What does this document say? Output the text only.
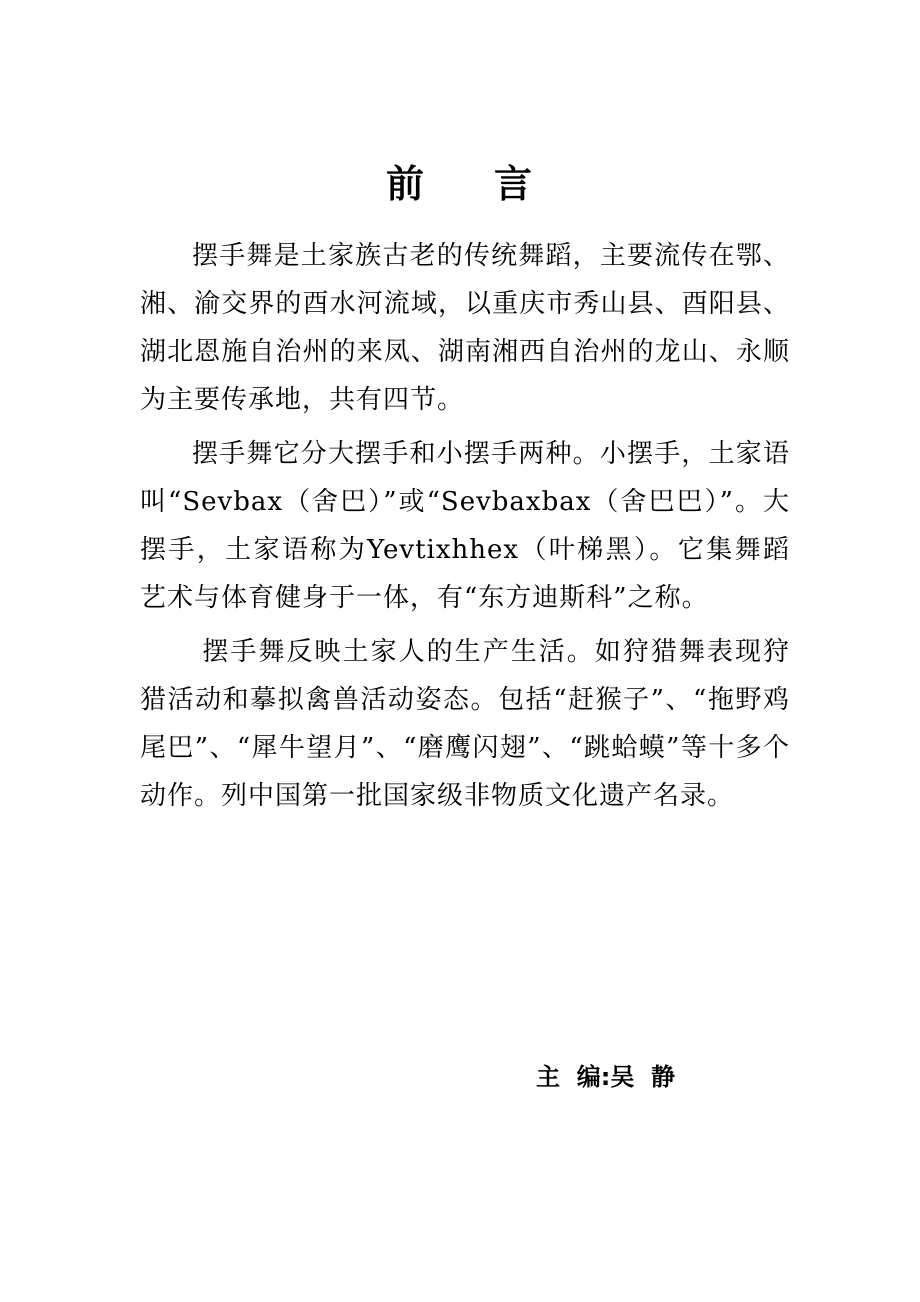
前 言

摆手舞是土家族古老的传统舞蹈，主要流传在鄂、湘、渝交界的酉水河流域，以重庆市秀山县、酉阳县、湖北恩施自治州的来凤、湖南湘西自治州的龙山、永顺为主要传承地，共有四节。

摆手舞它分大摆手和小摆手两种。小摆手，土家语叫“Sevbax（舍巴）”或“Sevbaxbax（舍巴巴）”。大摆手，土家语称为Yevtixhhex（叶梯黑）。它集舞蹈艺术与体育健身于一体，有“东方迪斯科”之称。

摆手舞反映土家人的生产生活。如狩猎舞表现狩猎活动和摹拟禽兽活动姿态。包括“赶猴子”、“拖野鸡尾巴”、“犀牛望月”、“磨鹰闪翅”、“跳蛤蟆”等十多个动作。列中国第一批国家级非物质文化遗产名录。

主  编:吴  静
